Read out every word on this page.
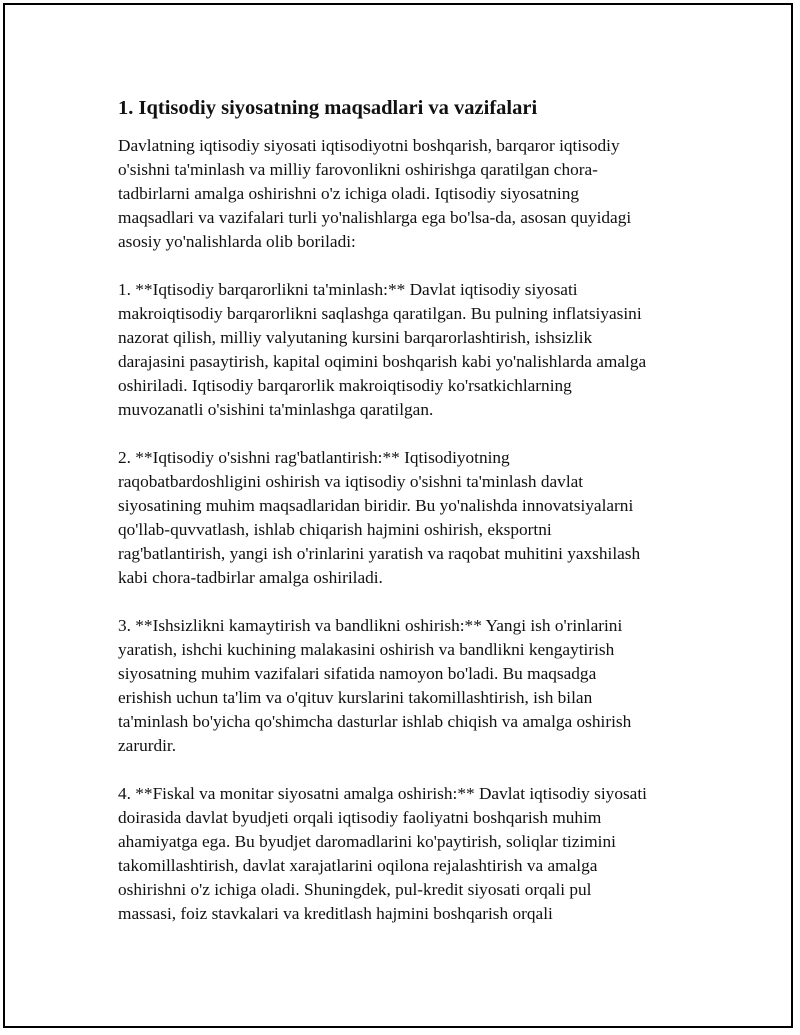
1. Iqtisodiy siyosatning maqsadlari va vazifalari

Davlatning iqtisodiy siyosati iqtisodiyotni boshqarish, barqaror iqtisodiy
o'sishni ta'minlash va milliy farovonlikni oshirishga qaratilgan chora-
tadbirlarni amalga oshirishni o'z ichiga oladi. Iqtisodiy siyosatning
maqsadlari va vazifalari turli yo'nalishlarga ega bo'lsa-da, asosan quyidagi
asosiy yo'nalishlarda olib boriladi:

1. **Iqtisodiy barqarorlikni ta'minlash:** Davlat iqtisodiy siyosati
makroiqtisodiy barqarorlikni saqlashga qaratilgan. Bu pulning inflatsiyasini
nazorat qilish, milliy valyutaning kursini barqarorlashtirish, ishsizlik
darajasini pasaytirish, kapital oqimini boshqarish kabi yo'nalishlarda amalga
oshiriladi. Iqtisodiy barqarorlik makroiqtisodiy ko'rsatkichlarning
muvozanatli o'sishini ta'minlashga qaratilgan.

2. **Iqtisodiy o'sishni rag'batlantirish:** Iqtisodiyotning
raqobatbardoshligini oshirish va iqtisodiy o'sishni ta'minlash davlat
siyosatining muhim maqsadlaridan biridir. Bu yo'nalishda innovatsiyalarni
qo'llab-quvvatlash, ishlab chiqarish hajmini oshirish, eksportni
rag'batlantirish, yangi ish o'rinlarini yaratish va raqobat muhitini yaxshilash
kabi chora-tadbirlar amalga oshiriladi.

3. **Ishsizlikni kamaytirish va bandlikni oshirish:** Yangi ish o'rinlarini
yaratish, ishchi kuchining malakasini oshirish va bandlikni kengaytirish
siyosatning muhim vazifalari sifatida namoyon bo'ladi. Bu maqsadga
erishish uchun ta'lim va o'qituv kurslarini takomillashtirish, ish bilan
ta'minlash bo'yicha qo'shimcha dasturlar ishlab chiqish va amalga oshirish
zarurdir.

4. **Fiskal va monitar siyosatni amalga oshirish:** Davlat iqtisodiy siyosati
doirasida davlat byudjeti orqali iqtisodiy faoliyatni boshqarish muhim
ahamiyatga ega. Bu byudjet daromadlarini ko'paytirish, soliqlar tizimini
takomillashtirish, davlat xarajatlarini oqilona rejalashtirish va amalga
oshirishni o'z ichiga oladi. Shuningdek, pul-kredit siyosati orqali pul
massasi, foiz stavkalari va kreditlash hajmini boshqarish orqali
